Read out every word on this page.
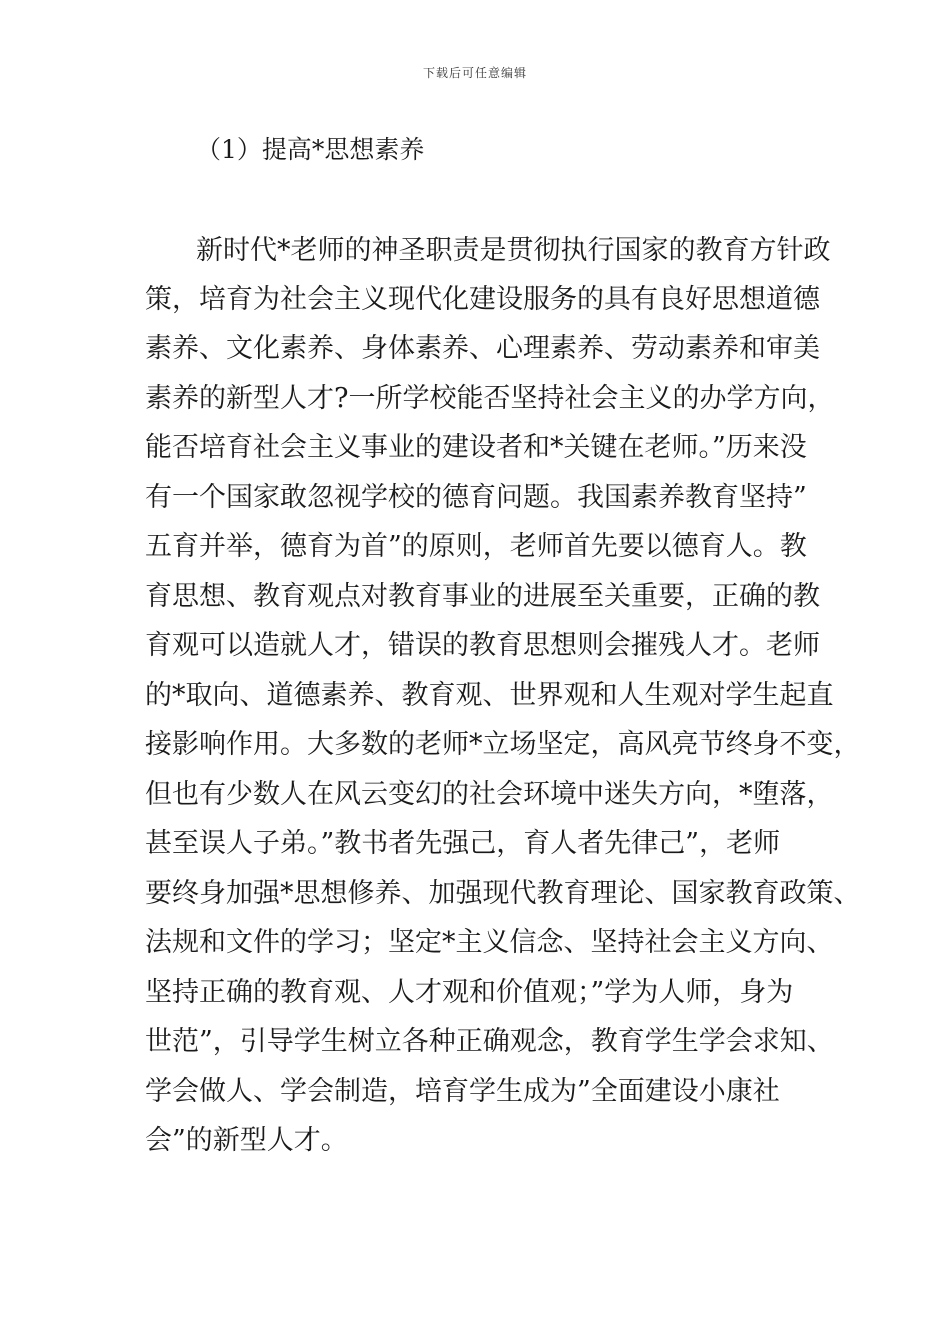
下载后可任意编辑
（1）提高*思想素养
新时代*老师的神圣职责是贯彻执行国家的教育方针政
策，培育为社会主义现代化建设服务的具有良好思想道德
素养、文化素养、身体素养、心理素养、劳动素养和审美
素养的新型人才?一所学校能否坚持社会主义的办学方向，
能否培育社会主义事业的建设者和*关键在老师。”历来没
有一个国家敢忽视学校的德育问题。我国素养教育坚持”
五育并举，德育为首”的原则，老师首先要以德育人。教
育思想、教育观点对教育事业的进展至关重要，正确的教
育观可以造就人才，错误的教育思想则会摧残人才。老师
的*取向、道德素养、教育观、世界观和人生观对学生起直
接影响作用。大多数的老师*立场坚定，高风亮节终身不变，
但也有少数人在风云变幻的社会环境中迷失方向，*堕落，
甚至误人子弟。”教书者先强己，育人者先律己”，老师
要终身加强*思想修养、加强现代教育理论、国家教育政策、
法规和文件的学习；坚定*主义信念、坚持社会主义方向、
坚持正确的教育观、人才观和价值观；”学为人师，身为
世范”，引导学生树立各种正确观念，教育学生学会求知、
学会做人、学会制造，培育学生成为”全面建设小康社
会”的新型人才。
